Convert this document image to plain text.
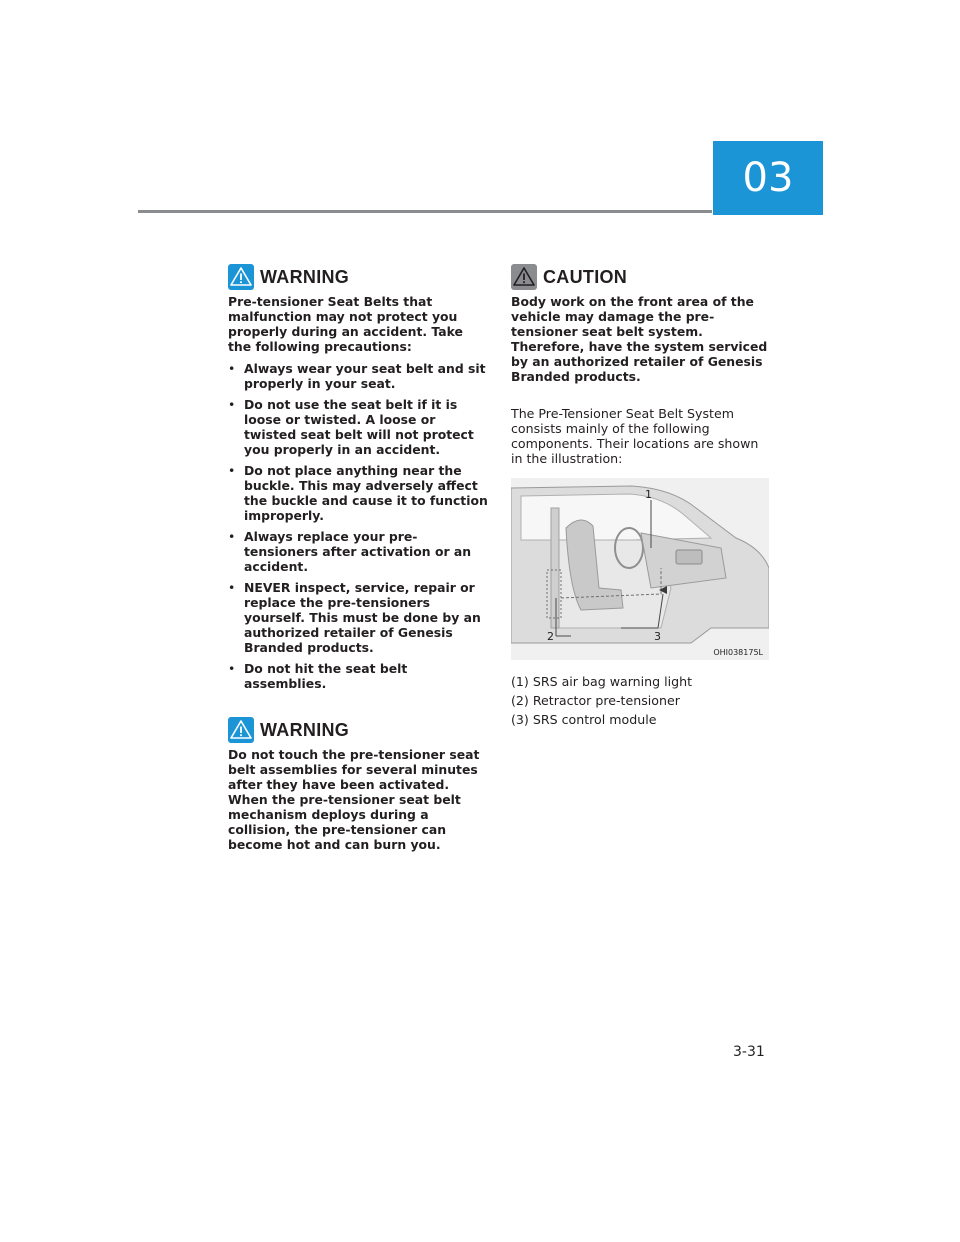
03
WARNING

Pre-tensioner Seat Belts that malfunction may not protect you properly during an accident. Take the following precautions:

• Always wear your seat belt and sit properly in your seat.
• Do not use the seat belt if it is loose or twisted. A loose or twisted seat belt will not protect you properly in an accident.
• Do not place anything near the buckle. This may adversely affect the buckle and cause it to function improperly.
• Always replace your pre-tensioners after activation or an accident.
• NEVER inspect, service, repair or replace the pre-tensioners yourself. This must be done by an authorized retailer of Genesis Branded products.
• Do not hit the seat belt assemblies.
WARNING

Do not touch the pre-tensioner seat belt assemblies for several minutes after they have been activated. When the pre-tensioner seat belt mechanism deploys during a collision, the pre-tensioner can become hot and can burn you.

CAUTION

Body work on the front area of the vehicle may damage the pre-tensioner seat belt system. Therefore, have the system serviced by an authorized retailer of Genesis Branded products.

The Pre-Tensioner Seat Belt System consists mainly of the following components. Their locations are shown in the illustration:

1
2	3
OHI038175L
(1) SRS air bag warning light
(2) Retractor pre-tensioner
(3) SRS control module
3-31
